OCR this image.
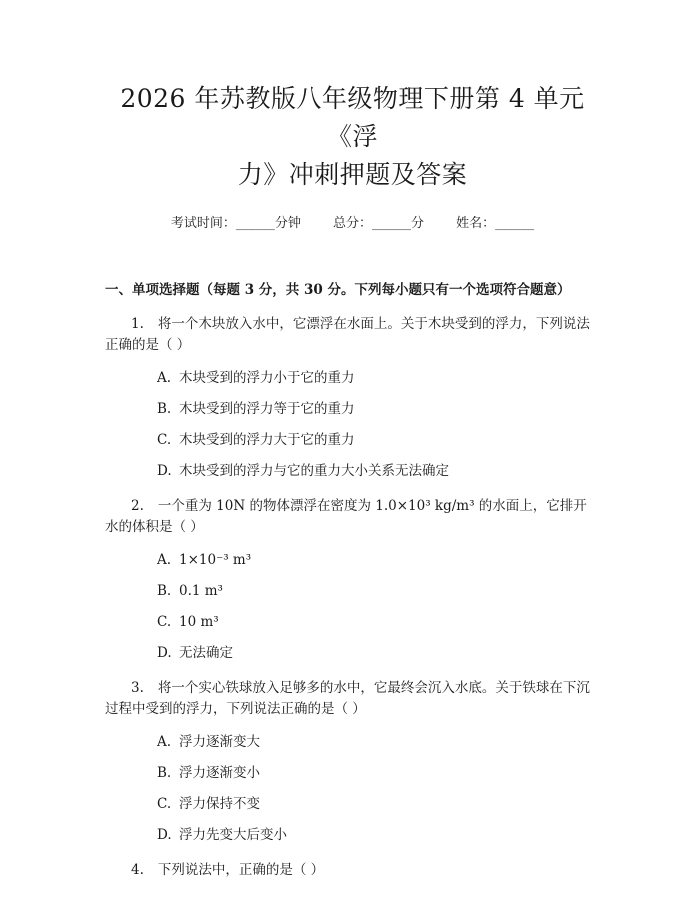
2026 年苏教版八年级物理下册第 4 单元《浮
力》冲刺押题及答案
考试时间：______分钟 总分：______分 姓名：______
一、单项选择题（每题 3 分，共 30 分。下列每小题只有一个选项符合题意）
1. 将一个木块放入水中，它漂浮在水面上。关于木块受到的浮力，下列说法正确的是（ ）
A. 木块受到的浮力小于它的重力
B. 木块受到的浮力等于它的重力
C. 木块受到的浮力大于它的重力
D. 木块受到的浮力与它的重力大小关系无法确定
2. 一个重为 10N 的物体漂浮在密度为 1.0×10³ kg/m³ 的水面上，它排开水的体积是（ ）
A. 1×10⁻³ m³
B. 0.1 m³
C. 10 m³
D. 无法确定
3. 将一个实心铁球放入足够多的水中，它最终会沉入水底。关于铁球在下沉过程中受到的浮力，下列说法正确的是（ ）
A. 浮力逐渐变大
B. 浮力逐渐变小
C. 浮力保持不变
D. 浮力先变大后变小
4. 下列说法中，正确的是（ ）
